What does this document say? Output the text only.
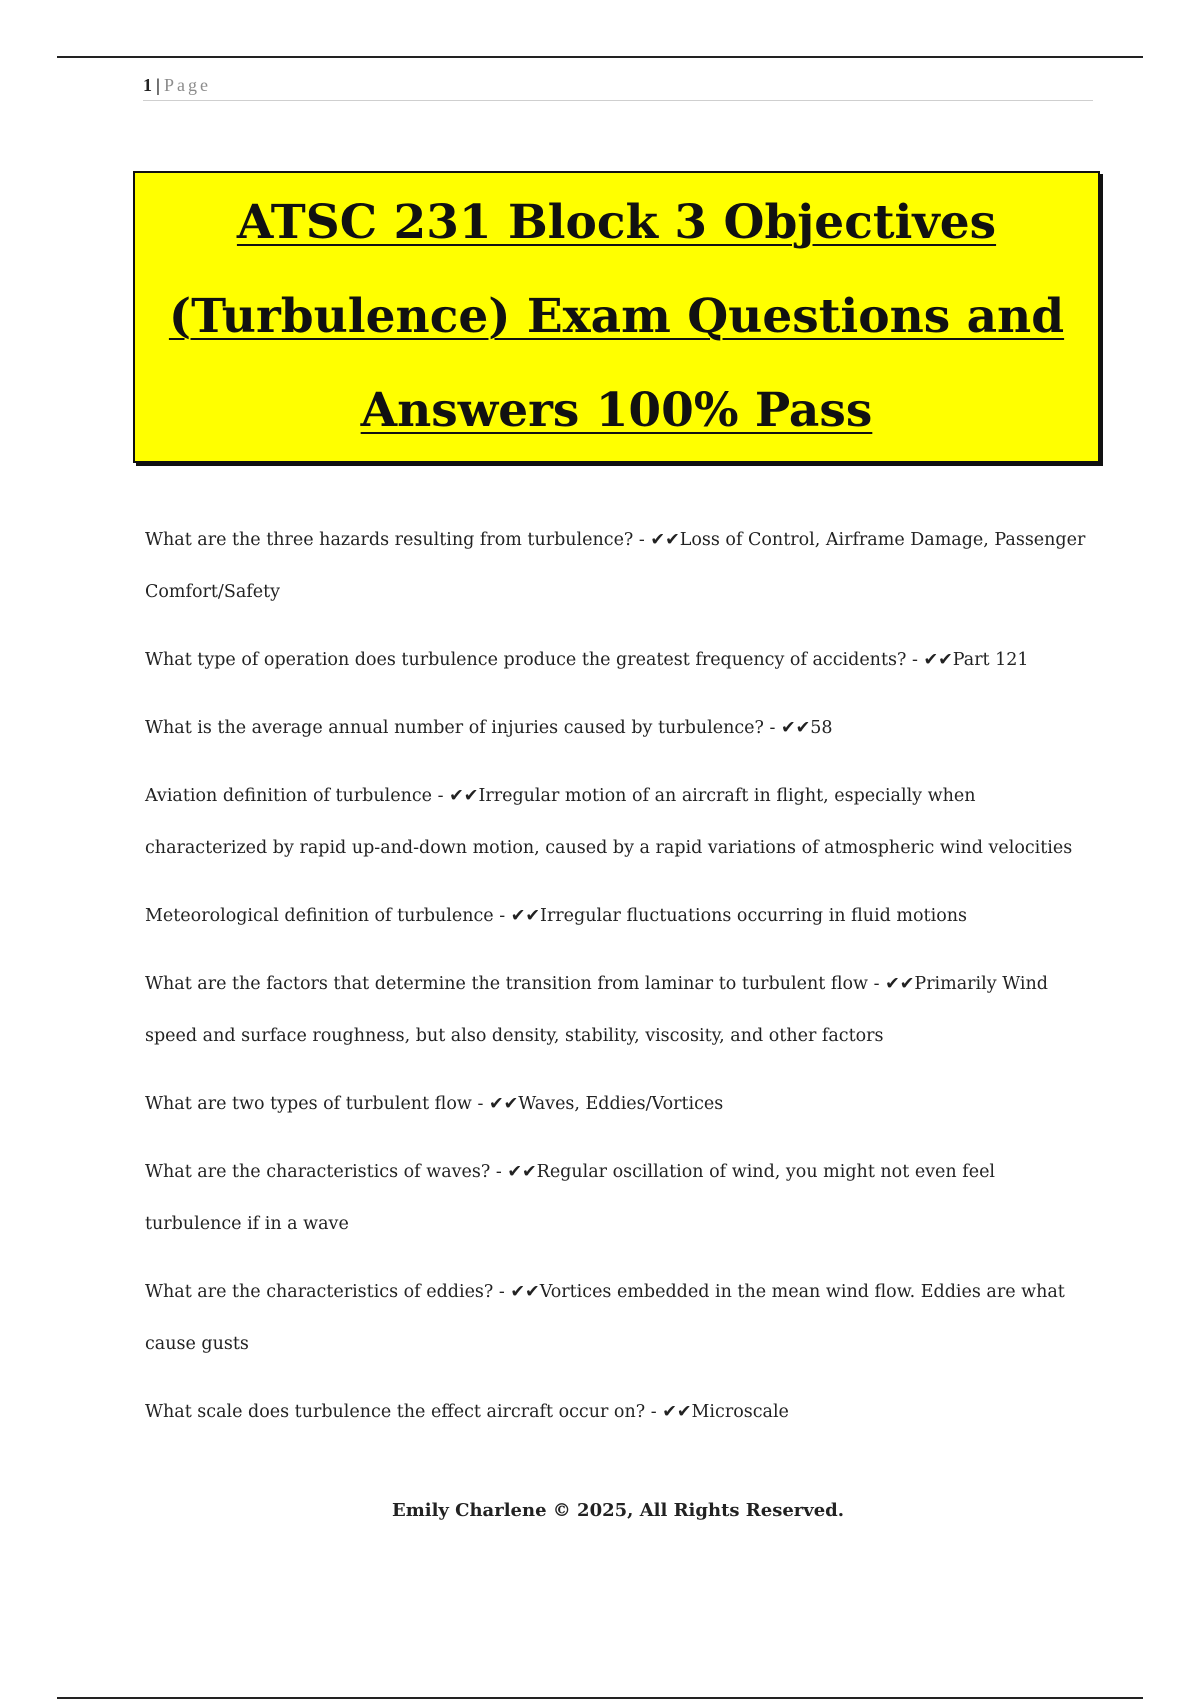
1 | Page
ATSC 231 Block 3 Objectives
(Turbulence) Exam Questions and
Answers 100% Pass

What are the three hazards resulting from turbulence? - ✔✔Loss of Control, Airframe Damage, Passenger Comfort/Safety

What type of operation does turbulence produce the greatest frequency of accidents? - ✔✔Part 121

What is the average annual number of injuries caused by turbulence? - ✔✔58

Aviation definition of turbulence - ✔✔Irregular motion of an aircraft in flight, especially when characterized by rapid up-and-down motion, caused by a rapid variations of atmospheric wind velocities

Meteorological definition of turbulence - ✔✔Irregular fluctuations occurring in fluid motions

What are the factors that determine the transition from laminar to turbulent flow - ✔✔Primarily Wind speed and surface roughness, but also density, stability, viscosity, and other factors

What are two types of turbulent flow - ✔✔Waves, Eddies/Vortices

What are the characteristics of waves? - ✔✔Regular oscillation of wind, you might not even feel turbulence if in a wave

What are the characteristics of eddies? - ✔✔Vortices embedded in the mean wind flow. Eddies are what cause gusts

What scale does turbulence the effect aircraft occur on? - ✔✔Microscale

Emily Charlene © 2025, All Rights Reserved.
